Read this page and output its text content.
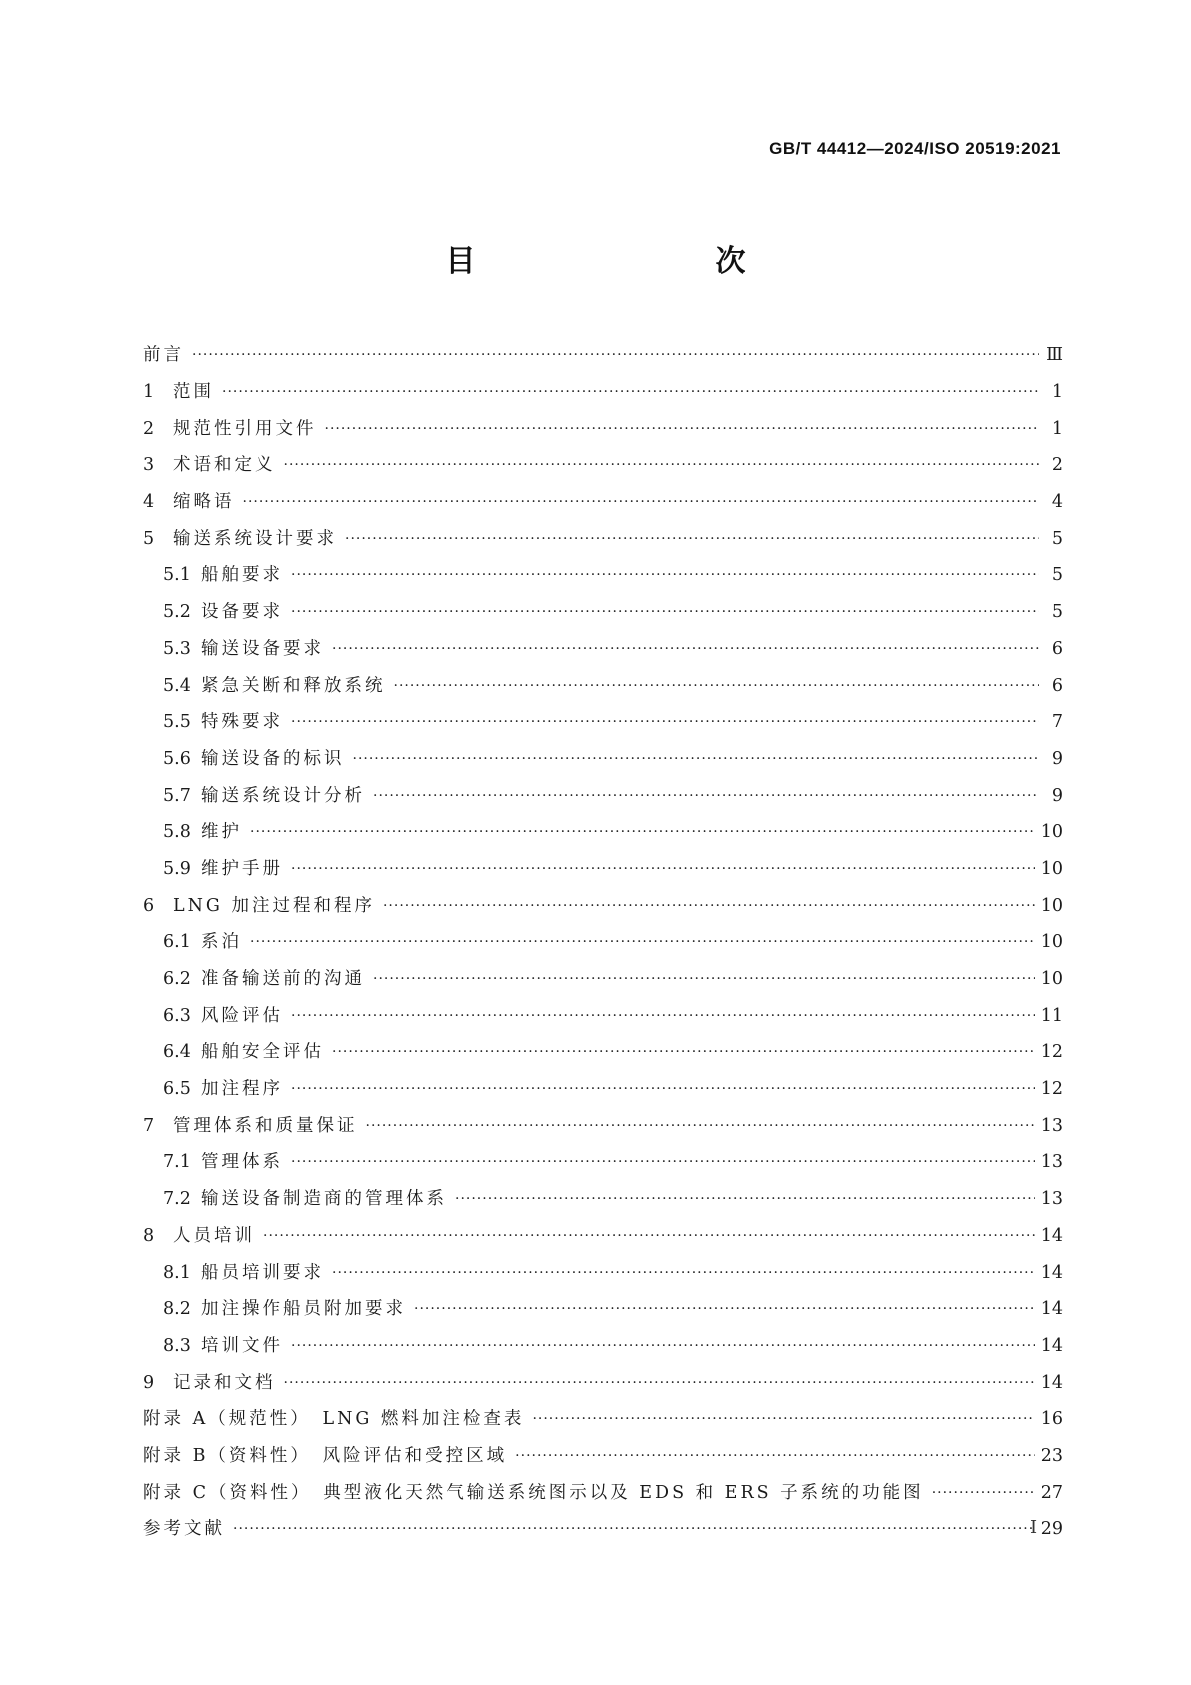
GB/T 44412—2024/ISO 20519:2021
目　　次
前言 ·····	Ⅲ
1	范围 ·····	1
2	规范性引用文件 ·····	1
3	术语和定义 ·····	2
4	缩略语 ·····	4
5	输送系统设计要求 ·····	5
5.1 船舶要求 ·····	5
5.2 设备要求 ·····	5
5.3 输送设备要求 ·····	6
5.4 紧急关断和释放系统 ·····	6
5.5 特殊要求 ·····	7
5.6 输送设备的标识 ·····	9
5.7 输送系统设计分析 ·····	9
5.8 维护 ·····	10
5.9 维护手册 ·····	10
6	LNG 加注过程和程序 ·····	10
6.1 系泊 ·····	10
6.2 准备输送前的沟通 ·····	10
6.3 风险评估 ·····	11
6.4 船舶安全评估 ·····	12
6.5 加注程序 ·····	12
7	管理体系和质量保证 ·····	13
7.1 管理体系 ·····	13
7.2 输送设备制造商的管理体系 ·····	13
8	人员培训 ·····	14
8.1 船员培训要求 ·····	14
8.2 加注操作船员附加要求 ·····	14
8.3 培训文件 ·····	14
9	记录和文档 ·····	14
附录 A（规范性）　LNG 燃料加注检查表 ·····	16
附录 B（资料性）　风险评估和受控区域 ·····	23
附录 C（资料性）　典型液化天然气输送系统图示以及 EDS 和 ERS 子系统的功能图 ·····	27
参考文献 ·····	29
I
